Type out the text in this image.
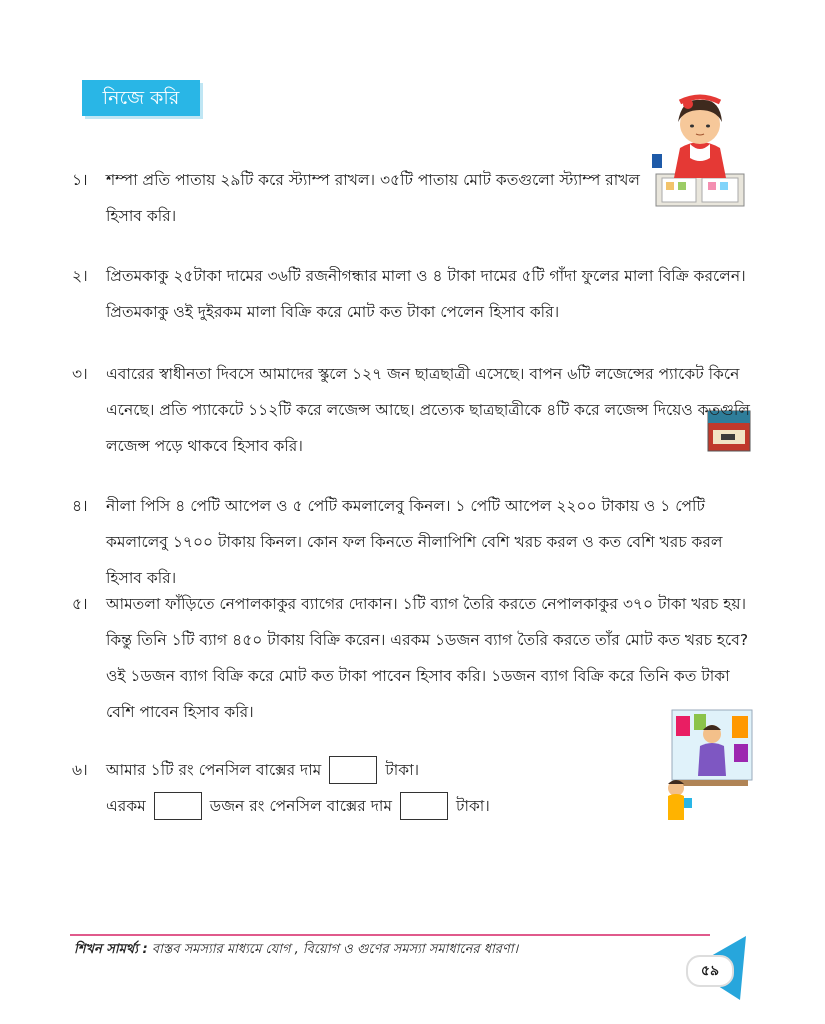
নিজে করি
১।	শম্পা প্রতি পাতায় ২৯টি করে স্ট্যাম্প রাখল। ৩৫টি পাতায় মোট কতগুলো স্ট্যাম্প রাখল হিসাব করি।
২।	প্রিতমকাকু ২৫টাকা দামের ৩৬টি রজনীগন্ধার মালা ও ৪ টাকা দামের ৫টি গাঁদা ফুলের মালা বিক্রি করলেন। প্রিতমকাকু ওই দুইরকম মালা বিক্রি করে মোট কত টাকা পেলেন হিসাব করি।
৩।	এবারের স্বাধীনতা দিবসে আমাদের স্কুলে ১২৭ জন ছাত্রছাত্রী এসেছে। বাপন ৬টি লজেন্সের প্যাকেট কিনে এনেছে। প্রতি প্যাকেটে ১১২টি করে লজেন্স আছে। প্রত্যেক ছাত্রছাত্রীকে ৪টি করে লজেন্স দিয়েও কতগুলি লজেন্স পড়ে থাকবে হিসাব করি।
৪।	নীলা পিসি ৪ পেটি আপেল ও ৫ পেটি কমলালেবু কিনল। ১ পেটি আপেল ২২০০ টাকায় ও ১ পেটি কমলালেবু ১৭০০ টাকায় কিনল। কোন ফল কিনতে নীলাপিশি বেশি খরচ করল ও কত বেশি খরচ করল হিসাব করি।
৫।	আমতলা ফাঁড়িতে নেপালকাকুর ব্যাগের দোকান। ১টি ব্যাগ তৈরি করতে নেপালকাকুর ৩৭০ টাকা খরচ হয়। কিন্তু তিনি ১টি ব্যাগ ৪৫০ টাকায় বিক্রি করেন। এরকম ১ডজন ব্যাগ তৈরি করতে তাঁর মোট কত খরচ হবে? ওই ১ডজন ব্যাগ বিক্রি করে মোট কত টাকা পাবেন হিসাব করি। ১ডজন ব্যাগ বিক্রি করে তিনি কত টাকা বেশি পাবেন হিসাব করি।
৬।	আমার ১টি রং পেনসিল বাক্সের দাম	টাকা।
এরকম	ডজন রং পেনসিল বাক্সের দাম	টাকা।
শিখন সামর্থ্য : বাস্তব সমস্যার মাধ্যমে যোগ , বিয়োগ ও গুণের সমস্যা সমাধানের ধারণা।
৫৯
